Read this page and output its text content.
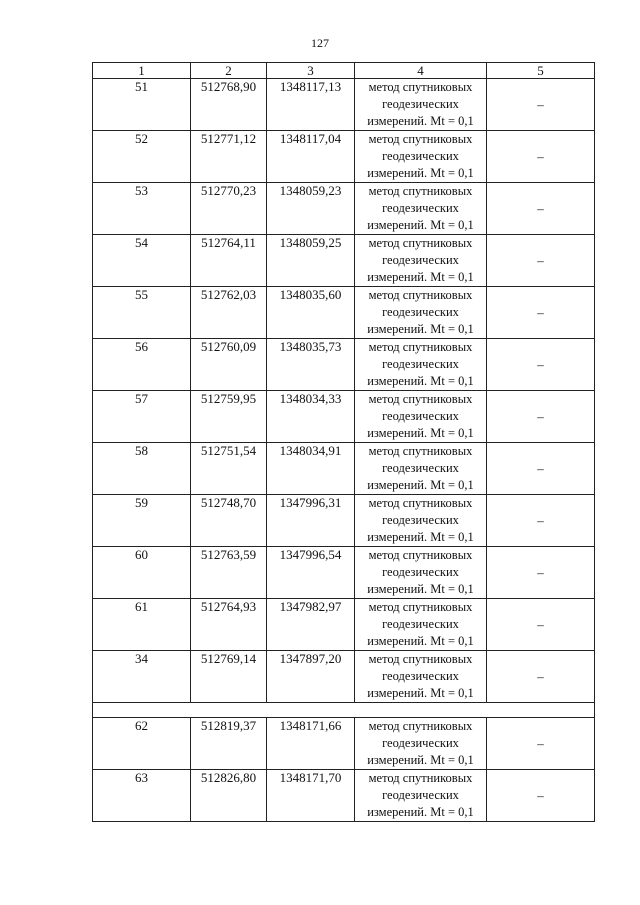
127
1	2	3	4	5
51	512768,90	1348117,13	метод спутниковых
геодезических
измерений. Mt = 0,1	–
52	512771,12	1348117,04	метод спутниковых
геодезических
измерений. Mt = 0,1	–
53	512770,23	1348059,23	метод спутниковых
геодезических
измерений. Mt = 0,1	–
54	512764,11	1348059,25	метод спутниковых
геодезических
измерений. Mt = 0,1	–
55	512762,03	1348035,60	метод спутниковых
геодезических
измерений. Mt = 0,1	–
56	512760,09	1348035,73	метод спутниковых
геодезических
измерений. Mt = 0,1	–
57	512759,95	1348034,33	метод спутниковых
геодезических
измерений. Mt = 0,1	–
58	512751,54	1348034,91	метод спутниковых
геодезических
измерений. Mt = 0,1	–
59	512748,70	1347996,31	метод спутниковых
геодезических
измерений. Mt = 0,1	–
60	512763,59	1347996,54	метод спутниковых
геодезических
измерений. Mt = 0,1	–
61	512764,93	1347982,97	метод спутниковых
геодезических
измерений. Mt = 0,1	–
34	512769,14	1347897,20	метод спутниковых
геодезических
измерений. Mt = 0,1	–

62	512819,37	1348171,66	метод спутниковых
геодезических
измерений. Mt = 0,1	–
63	512826,80	1348171,70	метод спутниковых
геодезических
измерений. Mt = 0,1	–
